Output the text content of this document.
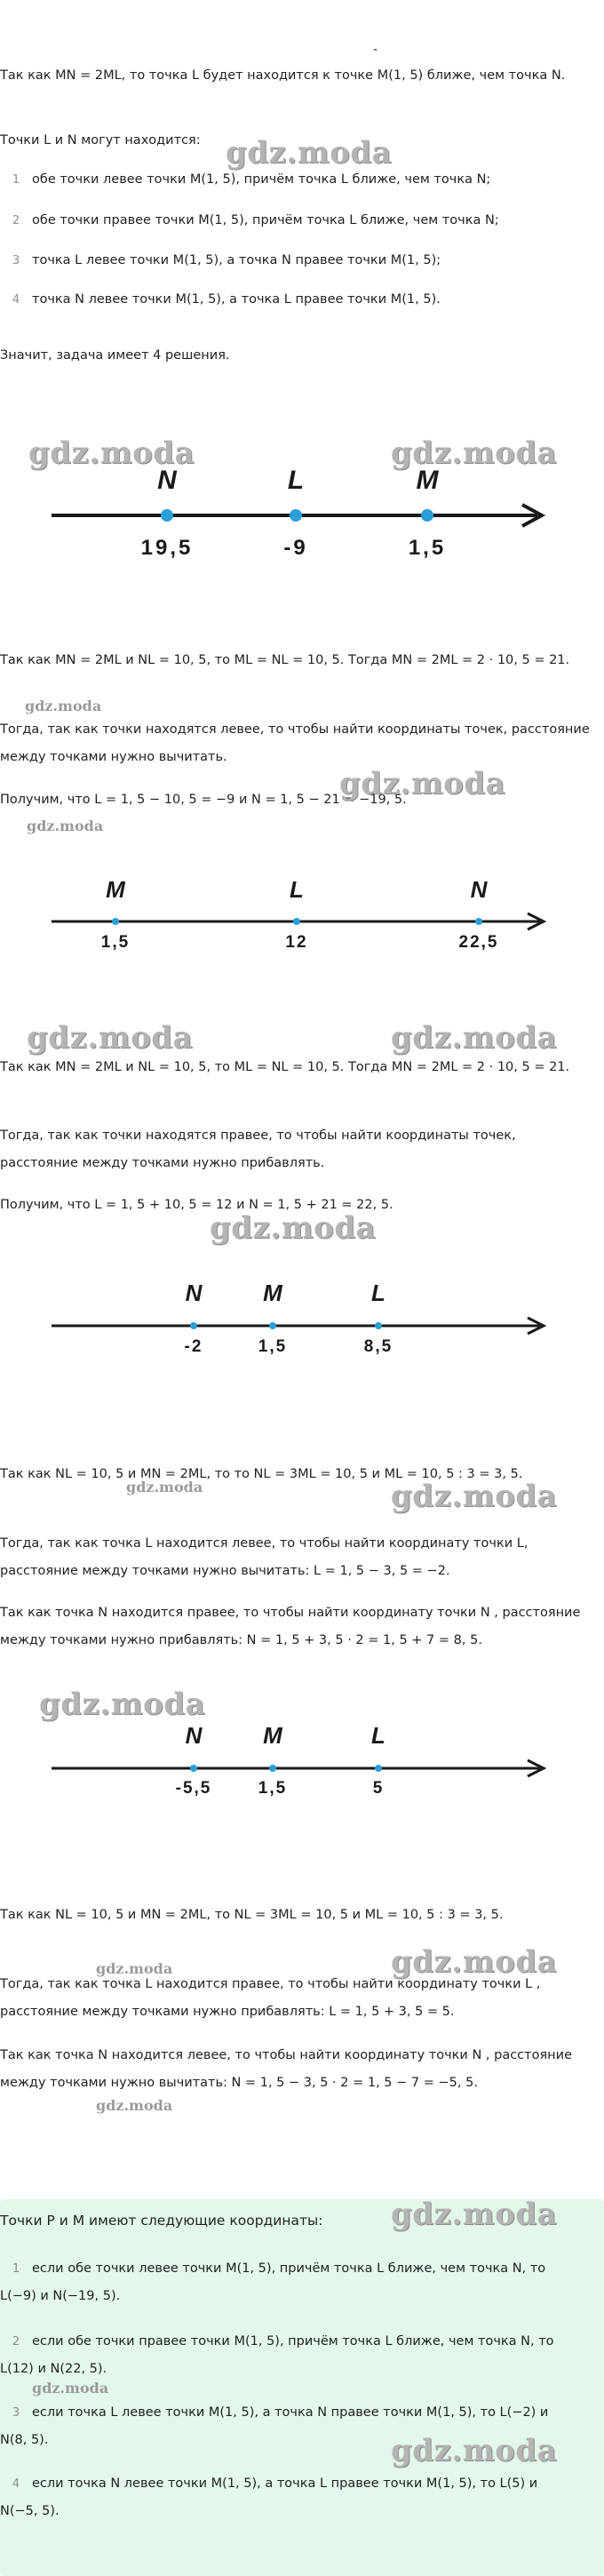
-
Так как MN = 2ML, то точка L будет находится к точке M(1, 5) ближе, чем точка N.
Точки L и N могут находится:
1 обе точки левее точки M(1, 5), причём точка L ближе, чем точка N;
2 обе точки правее точки M(1, 5), причём точка L ближе, чем точка N;
3 точка L левее точки M(1, 5), а точка N правее точки M(1, 5);
4 точка N левее точки M(1, 5), а точка L правее точки M(1, 5).
Значит, задача имеет 4 решения.
N	L	M
19,5	-9	1,5
Так как MN = 2ML и NL = 10, 5, то ML = NL = 10, 5. Тогда MN = 2ML = 2 · 10, 5 = 21.
Тогда, так как точки находятся левее, то чтобы найти координаты точек, расстояние между точками нужно вычитать.
Получим, что L = 1, 5 − 10, 5 = −9 и N = 1, 5 − 21 = −19, 5.
M	L	N
1,5	12	22,5
Так как MN = 2ML и NL = 10, 5, то ML = NL = 10, 5. Тогда MN = 2ML = 2 · 10, 5 = 21.
Тогда, так как точки находятся правее, то чтобы найти координаты точек, расстояние между точками нужно прибавлять.
Получим, что L = 1, 5 + 10, 5 = 12 и N = 1, 5 + 21 = 22, 5.
N	M	L
-2	1,5	8,5
Так как NL = 10, 5 и MN = 2ML, то то NL = 3ML = 10, 5 и ML = 10, 5 : 3 = 3, 5.
Тогда, так как точка L находится левее, то чтобы найти координату точки L, расстояние между точками нужно вычитать: L = 1, 5 − 3, 5 = −2.
Так как точка N находится правее, то чтобы найти координату точки N , расстояние между точками нужно прибавлять: N = 1, 5 + 3, 5 · 2 = 1, 5 + 7 = 8, 5.
N	M	L
-5,5	1,5	5
Так как NL = 10, 5 и MN = 2ML, то NL = 3ML = 10, 5 и ML = 10, 5 : 3 = 3, 5.
Тогда, так как точка L находится правее, то чтобы найти координату точки L , расстояние между точками нужно прибавлять: L = 1, 5 + 3, 5 = 5.
Так как точка N находится левее, то чтобы найти координату точки N , расстояние между точками нужно вычитать: N = 1, 5 − 3, 5 · 2 = 1, 5 − 7 = −5, 5.
Точки P и M имеют следующие координаты:
1 если обе точки левее точки M(1, 5), причём точка L ближе, чем точка N, то L(−9) и N(−19, 5).
2 если обе точки правее точки M(1, 5), причём точка L ближе, чем точка N, то L(12) и N(22, 5).
3 если точка L левее точки M(1, 5), а точка N правее точки M(1, 5), то L(−2) и N(8, 5).
4 если точка N левее точки M(1, 5), а точка L правее точки M(1, 5), то L(5) и N(−5, 5).
gdz.moda
gdz.moda	gdz.moda
gdz.moda
gdz.moda
gdz.moda
gdz.moda	gdz.moda
gdz.moda
gdz.moda	gdz.moda
gdz.moda
gdz.moda	gdz.moda
gdz.moda
gdz.moda
gdz.moda
gdz.moda
